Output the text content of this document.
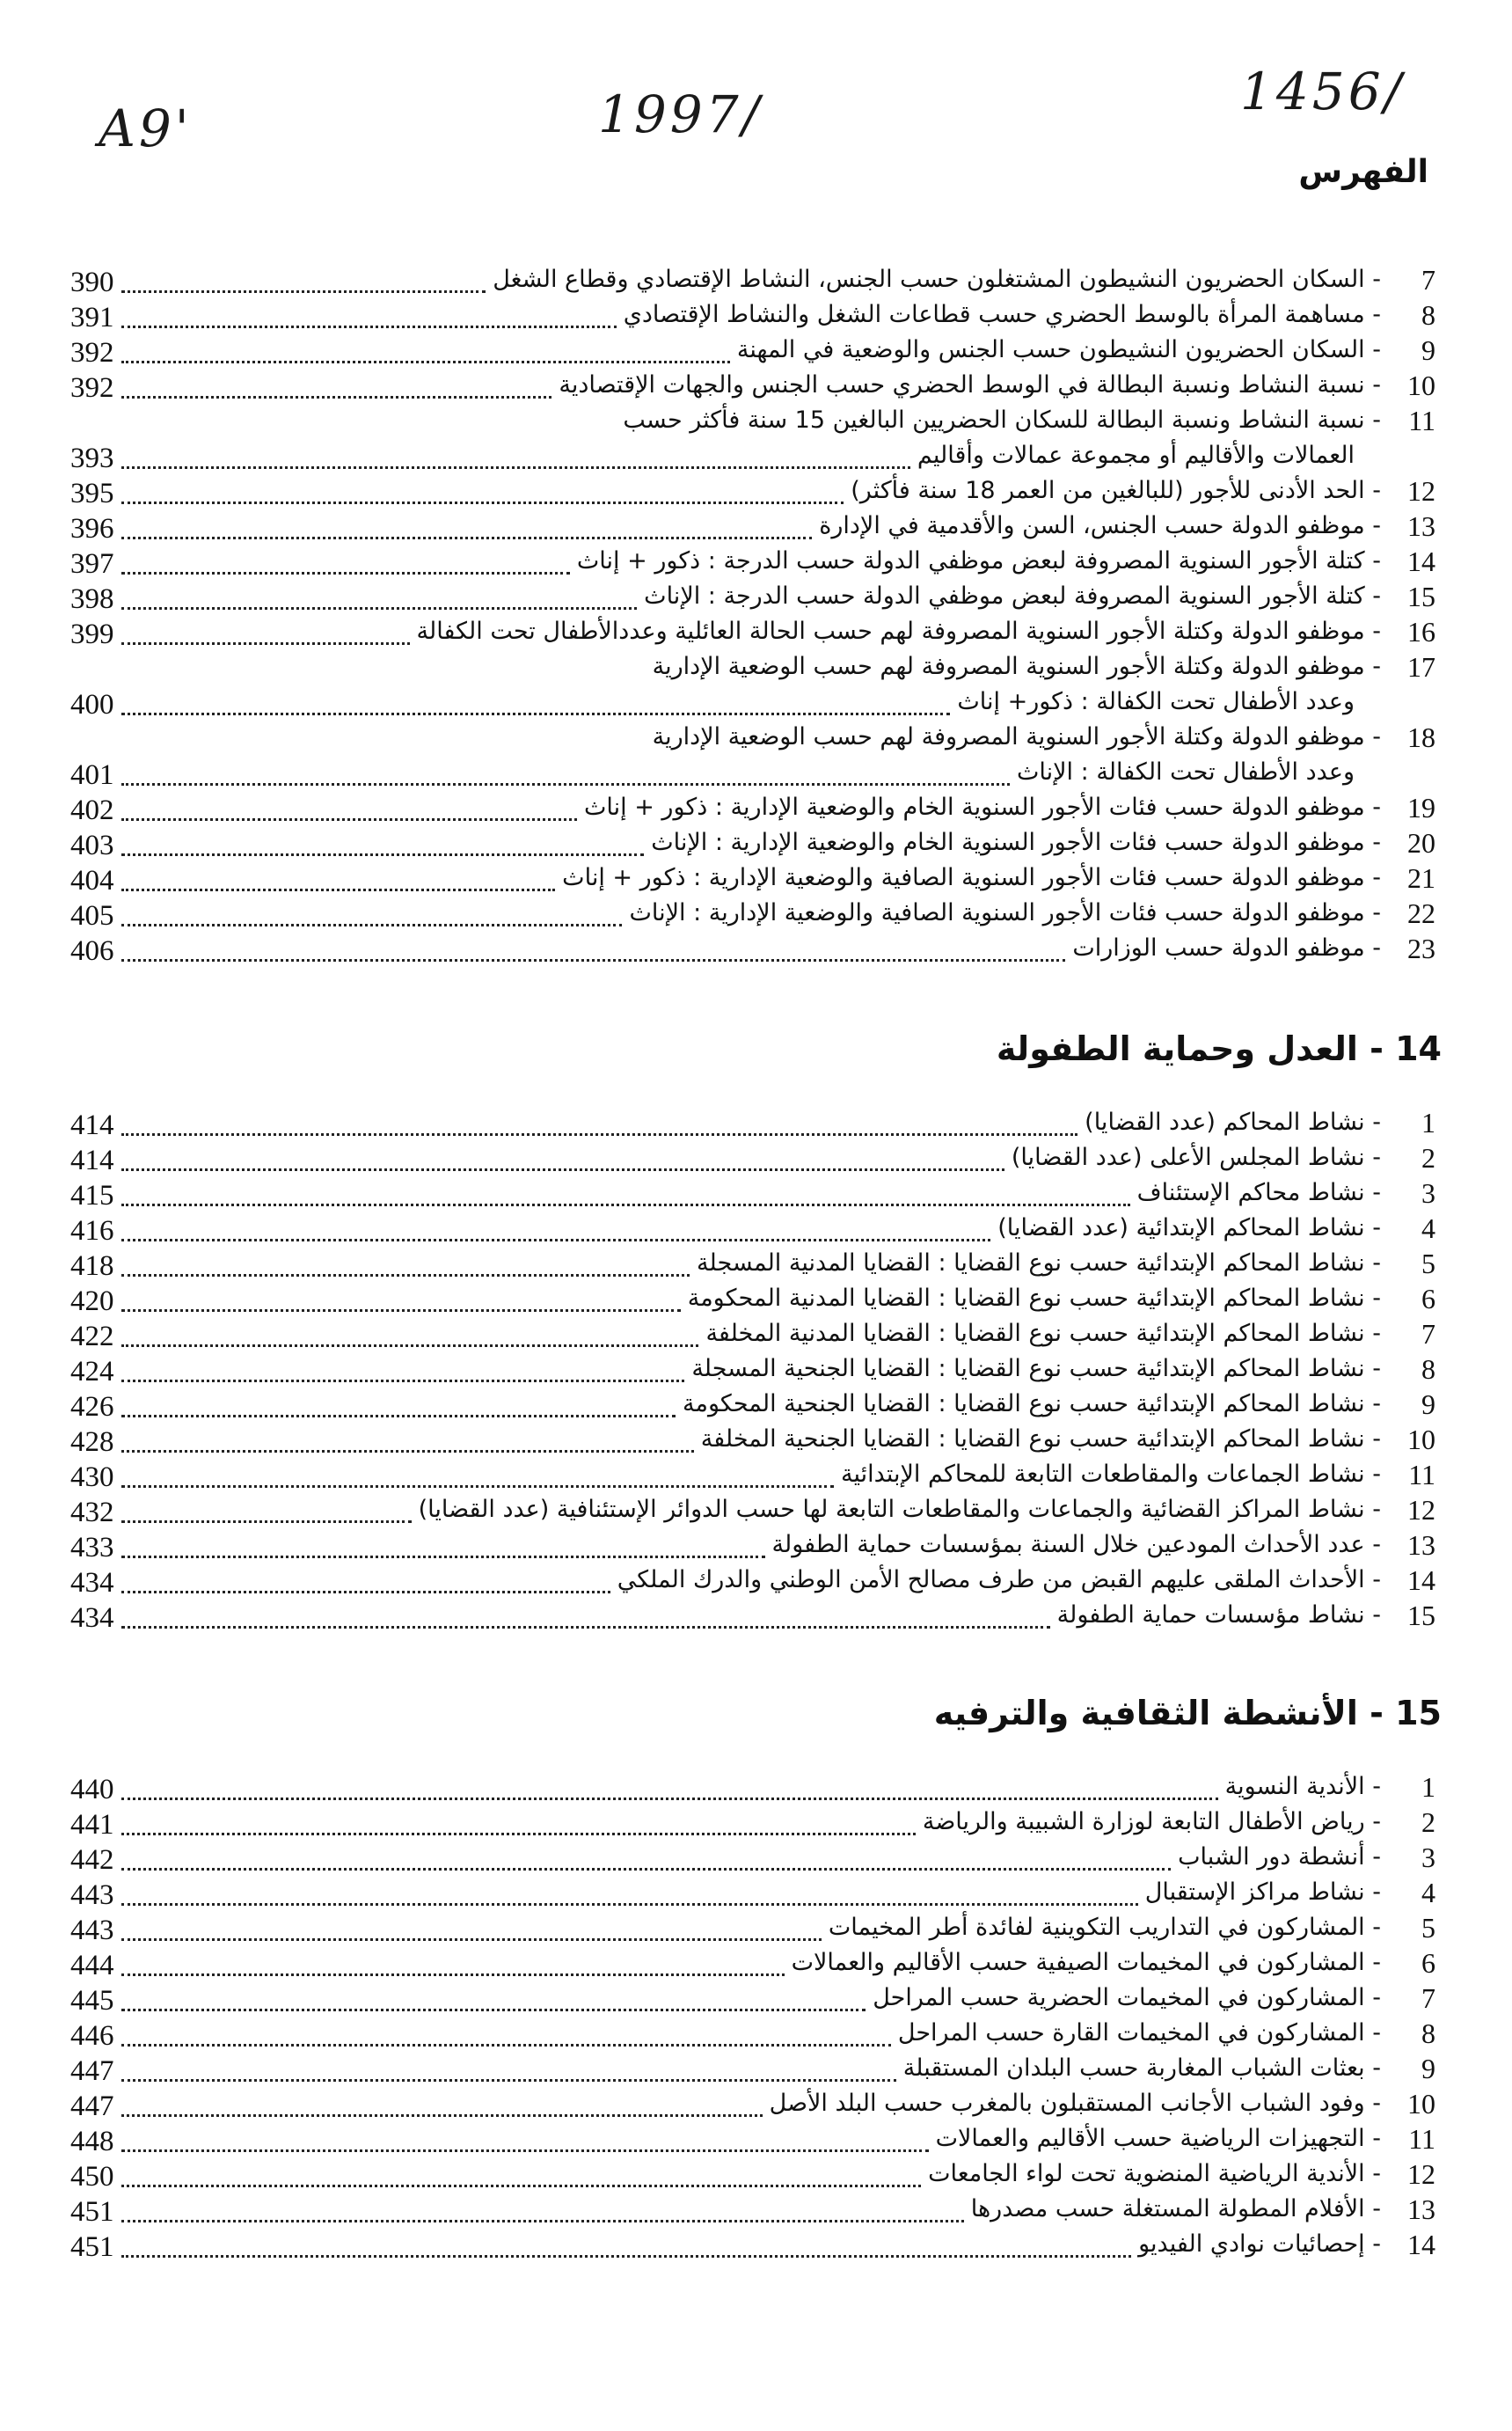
A9'	1997/	1456/
الفهرس
7
- السكان الحضريون النشيطون المشتغلون حسب الجنس، النشاط الإقتصادي وقطاع الشغل
390
8
- مساهمة المرأة بالوسط الحضري حسب قطاعات الشغل والنشاط الإقتصادي
391
9
- السكان الحضريون النشيطون حسب الجنس والوضعية في المهنة
392
10
- نسبة النشاط ونسبة البطالة في الوسط الحضري حسب الجنس والجهات الإقتصادية
392
11
- نسبة النشاط ونسبة البطالة للسكان الحضريين البالغين 15 سنة فأكثر حسب
العمالات والأقاليم أو مجموعة عمالات وأقاليم
393
12
- الحد الأدنى للأجور (للبالغين من العمر 18 سنة فأكثر)
395
13
- موظفو الدولة حسب الجنس، السن والأقدمية في الإدارة
396
14
- كتلة الأجور السنوية المصروفة لبعض موظفي الدولة حسب الدرجة : ذكور + إناث
397
15
- كتلة الأجور السنوية المصروفة لبعض موظفي الدولة حسب الدرجة : الإناث
398
16
- موظفو الدولة وكتلة الأجور السنوية المصروفة لهم حسب الحالة العائلية وعددالأطفال تحت الكفالة
399
17
- موظفو الدولة وكتلة الأجور السنوية المصروفة لهم حسب الوضعية الإدارية
وعدد الأطفال تحت الكفالة : ذكور+ إناث
400
18
- موظفو الدولة وكتلة الأجور السنوية المصروفة لهم حسب الوضعية الإدارية
وعدد الأطفال تحت الكفالة : الإناث
401
19
- موظفو الدولة حسب فئات الأجور السنوية الخام والوضعية الإدارية : ذكور + إناث
402
20
- موظفو الدولة حسب فئات الأجور السنوية الخام والوضعية الإدارية : الإناث
403
21
- موظفو الدولة حسب فئات الأجور السنوية الصافية والوضعية الإدارية : ذكور + إناث
404
22
- موظفو الدولة حسب فئات الأجور السنوية الصافية والوضعية الإدارية : الإناث
405
23
- موظفو الدولة حسب الوزارات
406
14 - العدل وحماية الطفولة
1
- نشاط المحاكم (عدد القضايا)
414
2
- نشاط المجلس الأعلى (عدد القضايا)
414
3
- نشاط محاكم الإستئناف
415
4
- نشاط المحاكم الإبتدائية (عدد القضايا)
416
5
- نشاط المحاكم الإبتدائية حسب نوع القضايا : القضايا المدنية المسجلة
418
6
- نشاط المحاكم الإبتدائية حسب نوع القضايا : القضايا المدنية المحكومة
420
7
- نشاط المحاكم الإبتدائية حسب نوع القضايا : القضايا المدنية المخلفة
422
8
- نشاط المحاكم الإبتدائية حسب نوع القضايا : القضايا الجنحية المسجلة
424
9
- نشاط المحاكم الإبتدائية حسب نوع القضايا : القضايا الجنحية المحكومة
426
10
- نشاط المحاكم الإبتدائية حسب نوع القضايا : القضايا الجنحية المخلفة
428
11
- نشاط الجماعات والمقاطعات التابعة للمحاكم الإبتدائية
430
12
- نشاط المراكز القضائية والجماعات والمقاطعات التابعة لها حسب الدوائر الإستئنافية (عدد القضايا)
432
13
- عدد الأحداث المودعين خلال السنة بمؤسسات حماية الطفولة
433
14
- الأحداث الملقى عليهم القبض من طرف مصالح الأمن الوطني والدرك الملكي
434
15
- نشاط مؤسسات حماية الطفولة
434
15 - الأنشطة الثقافية والترفيه
1
- الأندية النسوية
440
2
- رياض الأطفال التابعة لوزارة الشبيبة والرياضة
441
3
- أنشطة دور الشباب
442
4
- نشاط مراكز الإستقبال
443
5
- المشاركون في التداريب التكوينية لفائدة أطر المخيمات
443
6
- المشاركون في المخيمات الصيفية حسب الأقاليم والعمالات
444
7
- المشاركون في المخيمات الحضرية حسب المراحل
445
8
- المشاركون في المخيمات القارة حسب المراحل
446
9
- بعثات الشباب المغاربة حسب البلدان المستقبلة
447
10
- وفود الشباب الأجانب المستقبلون بالمغرب حسب البلد الأصل
447
11
- التجهيزات الرياضية حسب الأقاليم والعمالات
448
12
- الأندية الرياضية المنضوية تحت لواء الجامعات
450
13
- الأفلام المطولة المستغلة حسب مصدرها
451
14
- إحصائيات نوادي الفيديو
451
